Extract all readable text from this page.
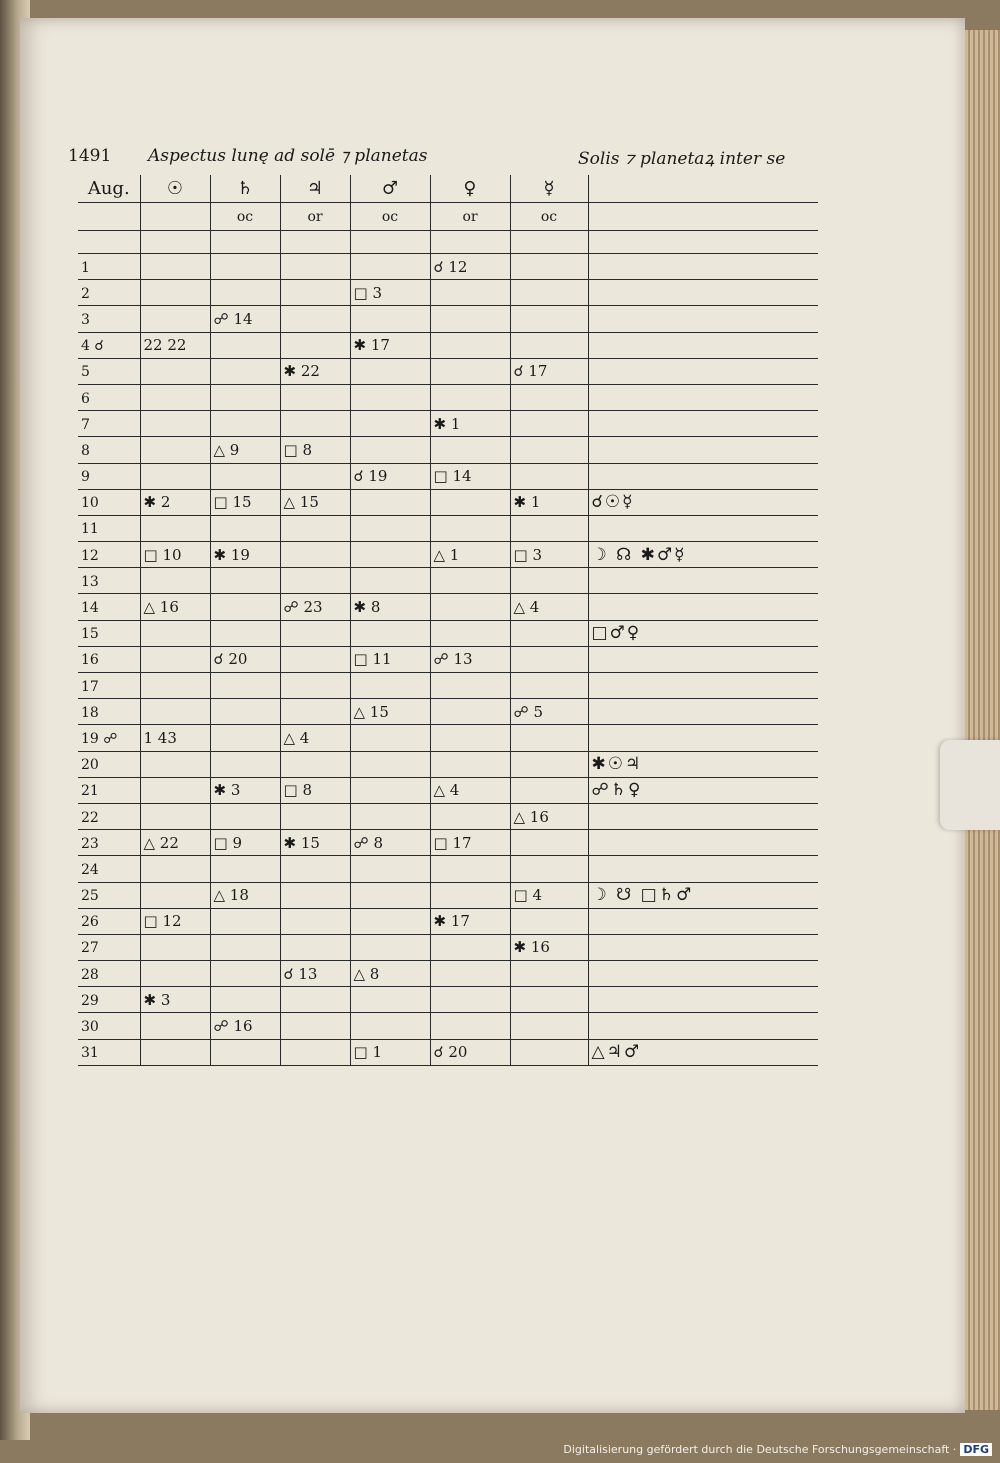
1491 Aspectus lunę ad solē ⁊ planetas	Solis ⁊ planetaꝝ inter se
Aug.	☉	♄	♃	♂	♀	☿	
		oc	or	oc	or	oc	

1					☌ 12		
2				□ 3			
3		☍ 14					
4 ☌	22 22			✱ 17			
5			✱ 22			☌ 17	
6							
7					✱ 1		
8		△ 9	□ 8				
9				☌ 19	□ 14		
10	✱ 2	□ 15	△ 15			✱ 1	☌☉☿
11							
12	□ 10	✱ 19			△ 1	□ 3	☽ ☊ ✱♂☿
13							
14	△ 16		☍ 23	✱ 8		△ 4	
15							□♂♀
16		☌ 20		□ 11	☍ 13		
17							
18				△ 15		☍ 5	
19 ☍	1 43		△ 4				
20							✱☉♃
21		✱ 3	□ 8		△ 4		☍♄♀
22						△ 16	
23	△ 22	□ 9	✱ 15	☍ 8	□ 17		
24							
25		△ 18				□ 4	☽ ☋ □♄♂
26	□ 12				✱ 17		
27						✱ 16	
28			☌ 13	△ 8			
29	✱ 3						
30		☍ 16					
31				□ 1	☌ 20		△♃♂
Digitalisierung gefördert durch die Deutsche Forschungsgemeinschaft · DFG
